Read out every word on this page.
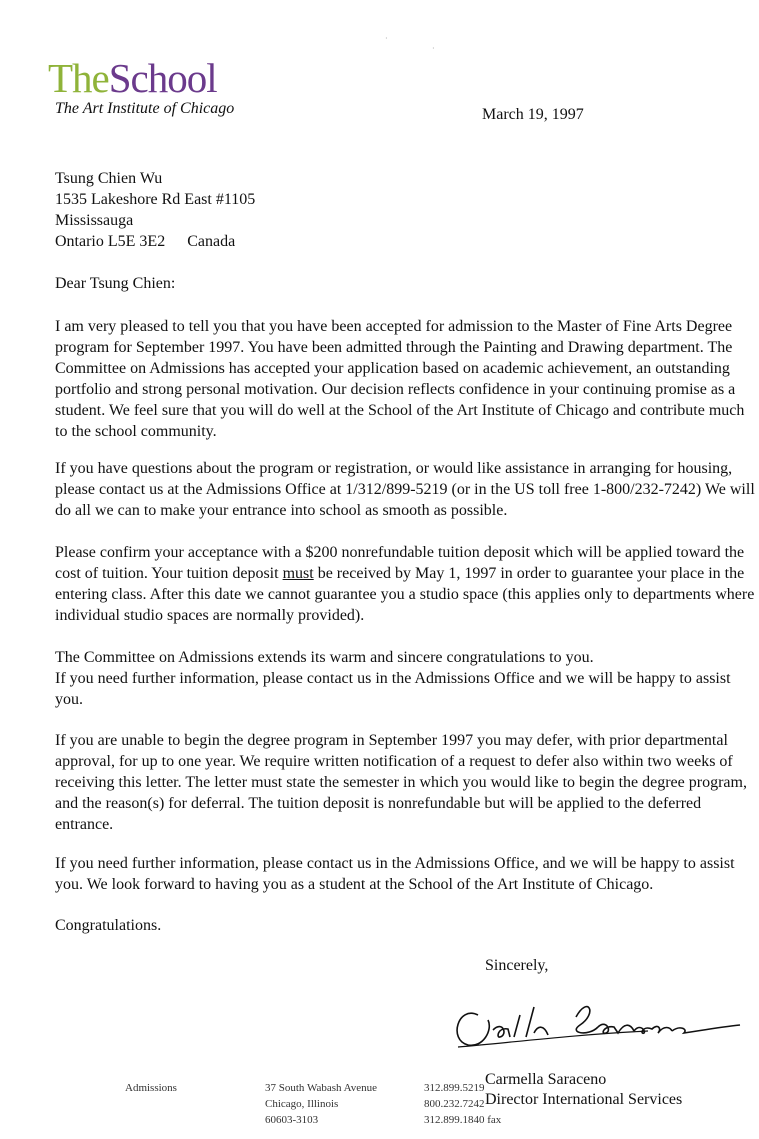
TheSchool
The Art Institute of Chicago
·
·
March 19, 1997
Tsung Chien Wu
1535 Lakeshore Rd East #1105
Mississauga
Ontario L5E 3E2 Canada
Dear Tsung Chien:

I am very pleased to tell you that you have been accepted for admission to the Master of Fine Arts Degree program for September 1997. You have been admitted through the Painting and Drawing department. The Committee on Admissions has accepted your application based on academic achievement, an outstanding portfolio and strong personal motivation. Our decision reflects confidence in your continuing promise as a student. We feel sure that you will do well at the School of the Art Institute of Chicago and contribute much to the school community.

If you have questions about the program or registration, or would like assistance in arranging for housing, please contact us at the Admissions Office at 1/312/899-5219 (or in the US toll free 1-800/232-7242) We will do all we can to make your entrance into school as smooth as possible.

Please confirm your acceptance with a $200 nonrefundable tuition deposit which will be applied toward the cost of tuition. Your tuition deposit must be received by May 1, 1997 in order to guarantee your place in the entering class. After this date we cannot guarantee you a studio space (this applies only to departments where individual studio spaces are normally provided).

The Committee on Admissions extends its warm and sincere congratulations to you.
If you need further information, please contact us in the Admissions Office and we will be happy to assist you.

If you are unable to begin the degree program in September 1997 you may defer, with prior departmental approval, for up to one year. We require written notification of a request to defer also within two weeks of receiving this letter. The letter must state the semester in which you would like to begin the degree program, and the reason(s) for deferral. The tuition deposit is nonrefundable but will be applied to the deferred entrance.

If you need further information, please contact us in the Admissions Office, and we will be happy to assist you. We look forward to having you as a student at the School of the Art Institute of Chicago.

Congratulations.
Sincerely,
Carmella Saraceno
Director International Services
Admissions	37 South Wabash Avenue
Chicago, Illinois
60603-3103
312.899.5219
800.232.7242
312.899.1840 fax
